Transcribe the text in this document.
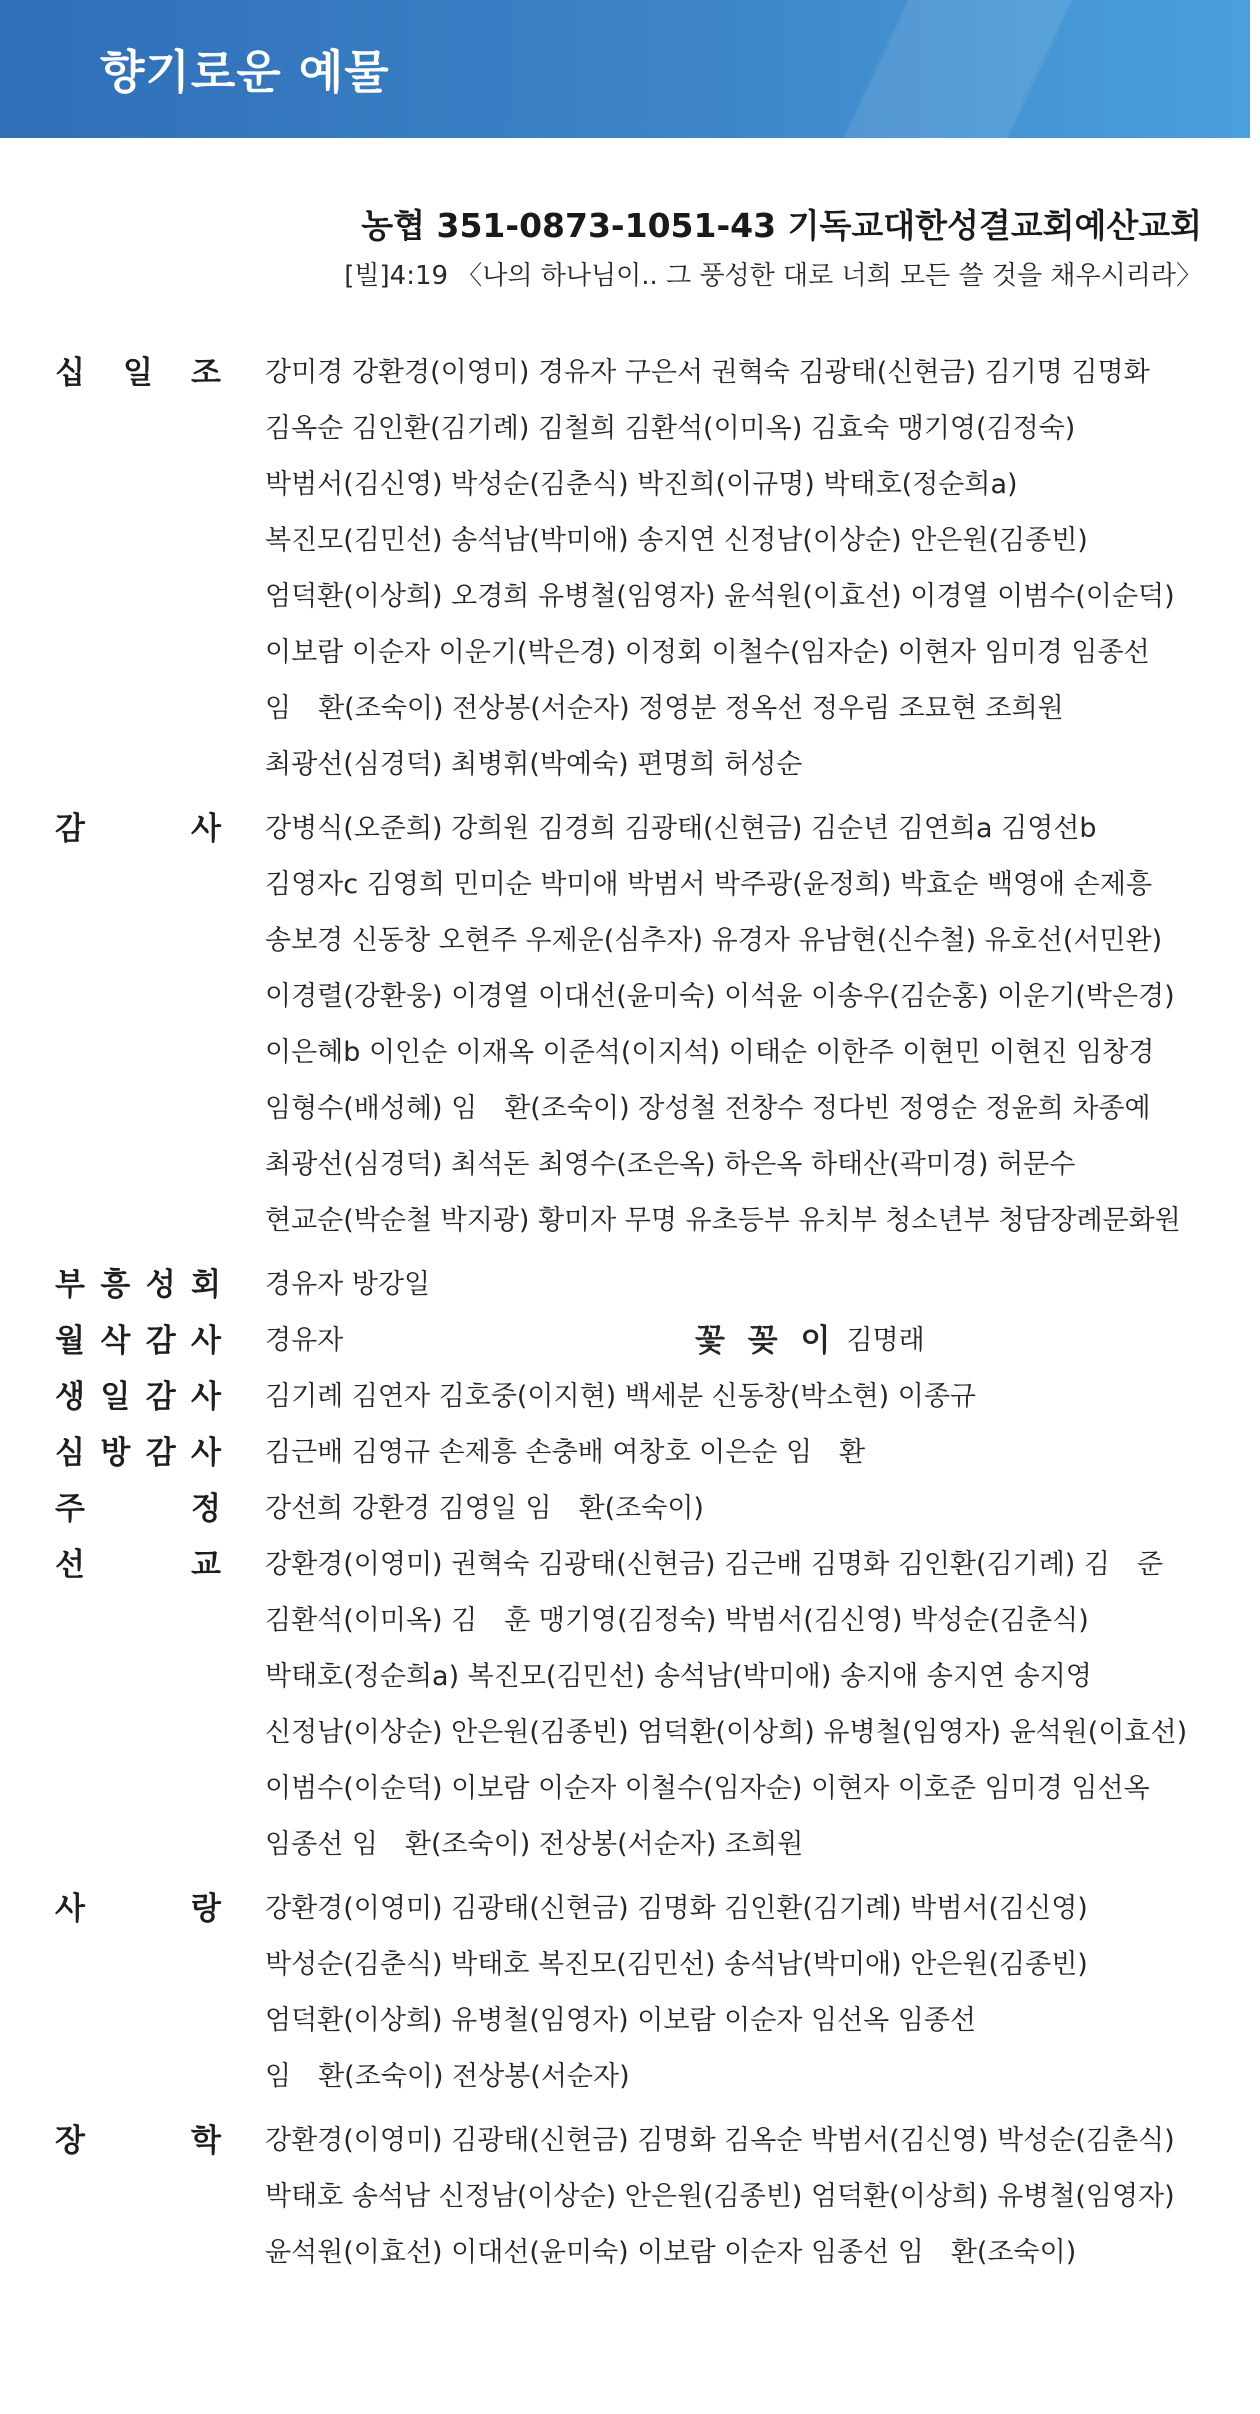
향기로운 예물
농협 351-0873-1051-43 기독교대한성결교회예산교회
[빌]4:19 〈나의 하나님이.. 그 풍성한 대로 너희 모든 쓸 것을 채우시리라〉
십 일 조 강미경 강환경(이영미) 경유자 구은서 권혁숙 김광태(신현금) 김기명 김명화
김옥순 김인환(김기례) 김철희 김환석(이미옥) 김효숙 맹기영(김정숙)
박범서(김신영) 박성순(김춘식) 박진희(이규명) 박태호(정순희a)
복진모(김민선) 송석남(박미애) 송지연 신정남(이상순) 안은원(김종빈)
엄덕환(이상희) 오경희 유병철(임영자) 윤석원(이효선) 이경열 이범수(이순덕)
이보람 이순자 이운기(박은경) 이정회 이철수(임자순) 이현자 임미경 임종선
임　환(조숙이) 전상봉(서순자) 정영분 정옥선 정우림 조묘현 조희원
최광선(심경덕) 최병휘(박예숙) 편명희 허성순
감	사 강병식(오준희) 강희원 김경희 김광태(신현금) 김순년 김연희a 김영선b
김영자c 김영희 민미순 박미애 박범서 박주광(윤정희) 박효순 백영애 손제흥
송보경 신동창 오현주 우제운(심추자) 유경자 유남현(신수철) 유호선(서민완)
이경렬(강환웅) 이경열 이대선(윤미숙) 이석윤 이송우(김순홍) 이운기(박은경)
이은혜b 이인순 이재옥 이준석(이지석) 이태순 이한주 이현민 이현진 임창경
임형수(배성혜) 임　환(조숙이) 장성철 전창수 정다빈 정영순 정윤희 차종예
최광선(심경덕) 최석돈 최영수(조은옥) 하은옥 하태산(곽미경) 허문수
현교순(박순철 박지광) 황미자 무명 유초등부 유치부 청소년부 청담장례문화원
부 흥 성 회 경유자 방강일
월 삭 감 사 경유자	꽃 꽂 이 김명래
생 일 감 사 김기례 김연자 김호중(이지현) 백세분 신동창(박소현) 이종규
심 방 감 사 김근배 김영규 손제흥 손충배 여창호 이은순 임　환
주	정 강선희 강환경 김영일 임　환(조숙이)
선	교 강환경(이영미) 권혁숙 김광태(신현금) 김근배 김명화 김인환(김기례) 김　준
김환석(이미옥) 김　훈 맹기영(김정숙) 박범서(김신영) 박성순(김춘식)
박태호(정순희a) 복진모(김민선) 송석남(박미애) 송지애 송지연 송지영
신정남(이상순) 안은원(김종빈) 엄덕환(이상희) 유병철(임영자) 윤석원(이효선)
이범수(이순덕) 이보람 이순자 이철수(임자순) 이현자 이호준 임미경 임선옥
임종선 임　환(조숙이) 전상봉(서순자) 조희원
사	랑 강환경(이영미) 김광태(신현금) 김명화 김인환(김기례) 박범서(김신영)
박성순(김춘식) 박태호 복진모(김민선) 송석남(박미애) 안은원(김종빈)
엄덕환(이상희) 유병철(임영자) 이보람 이순자 임선옥 임종선
임　환(조숙이) 전상봉(서순자)
장	학 강환경(이영미) 김광태(신현금) 김명화 김옥순 박범서(김신영) 박성순(김춘식)
박태호 송석남 신정남(이상순) 안은원(김종빈) 엄덕환(이상희) 유병철(임영자)
윤석원(이효선) 이대선(윤미숙) 이보람 이순자 임종선 임　환(조숙이)
